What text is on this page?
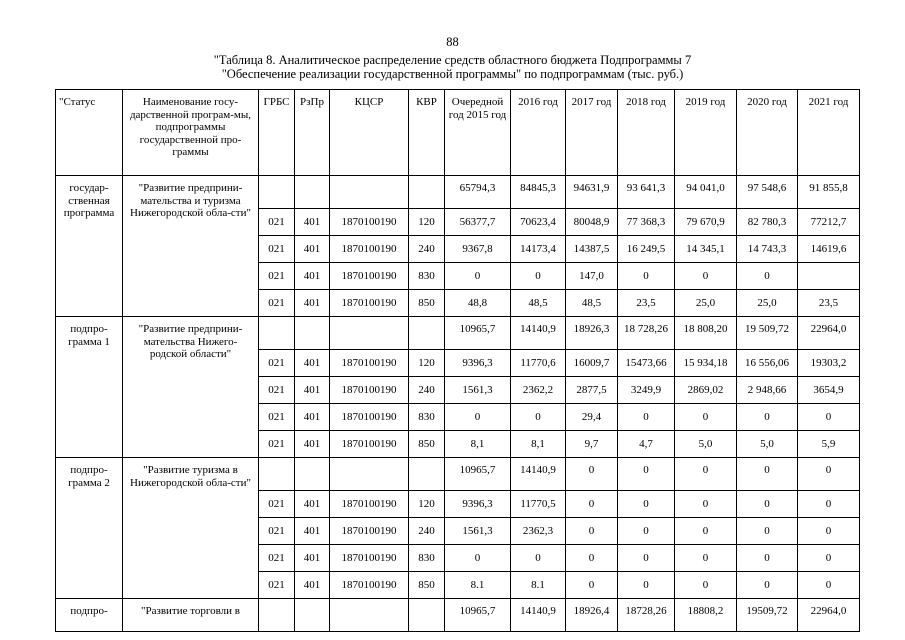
88
"Таблица 8. Аналитическое распределение средств областного бюджета Подпрограммы 7
"Обеспечение реализации государственной программы" по подпрограммам (тыс. руб.)
"Статус	Наименование госу-дарственной програм-мы, подпрограммы государственной про-граммы	ГРБС	РзПр	КЦСР	КВР	Очередной год 2015 год	2016 год	2017 год	2018 год	2019 год	2020 год	2021 год
государ-ственная программа	"Развитие предприни-мательства и туризма Нижегородской обла-сти"					65794,3	84845,3	94631,9	93 641,3	94 041,0	97 548,6	91 855,8
		021	401	1870100190	120	56377,7	70623,4	80048,9	77 368,3	79 670,9	82 780,3	77212,7
		021	401	1870100190	240	9367,8	14173,4	14387,5	16 249,5	14 345,1	14 743,3	14619,6
		021	401	1870100190	830	0	0	147,0	0	0	0	
		021	401	1870100190	850	48,8	48,5	48,5	23,5	25,0	25,0	23,5
подпро-грамма 1	"Развитие предприни-мательства Нижего-родской области"					10965,7	14140,9	18926,3	18 728,26	18 808,20	19 509,72	22964,0
		021	401	1870100190	120	9396,3	11770,6	16009,7	15473,66	15 934,18	16 556,06	19303,2
		021	401	1870100190	240	1561,3	2362,2	2877,5	3249,9	2869,02	2 948,66	3654,9
		021	401	1870100190	830	0	0	29,4	0	0	0	0
		021	401	1870100190	850	8,1	8,1	9,7	4,7	5,0	5,0	5,9
подпро-грамма 2	"Развитие туризма в Нижегородской обла-сти"					10965,7	14140,9	0	0	0	0	0
		021	401	1870100190	120	9396,3	11770,5	0	0	0	0	0
		021	401	1870100190	240	1561,3	2362,3	0	0	0	0	0
		021	401	1870100190	830	0	0	0	0	0	0	0
		021	401	1870100190	850	8.1	8.1	0	0	0	0	0
подпро-	"Развитие торговли в					10965,7	14140,9	18926,4	18728,26	18808,2	19509,72	22964,0
